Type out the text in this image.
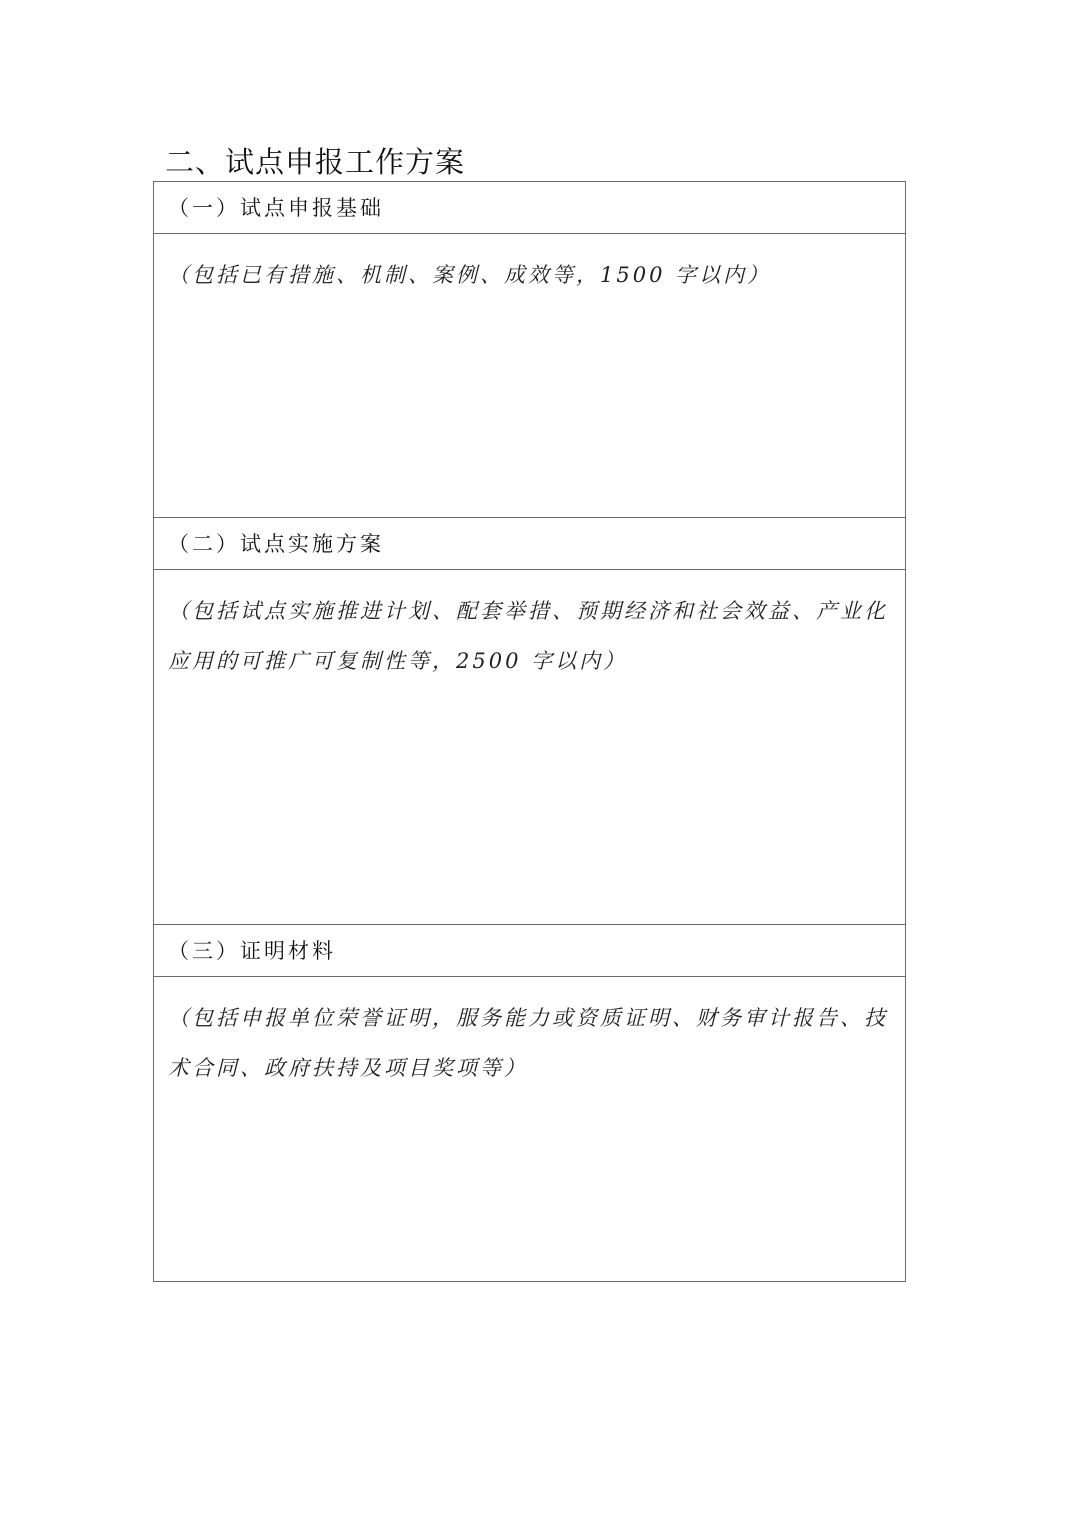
二、试点申报工作方案
（一）试点申报基础
（包括已有措施、机制、案例、成效等，1500 字以内）
（二）试点实施方案
（包括试点实施推进计划、配套举措、预期经济和社会效益、产业化应用的可推广可复制性等，2500 字以内）
（三）证明材料
（包括申报单位荣誉证明，服务能力或资质证明、财务审计报告、技术合同、政府扶持及项目奖项等）
